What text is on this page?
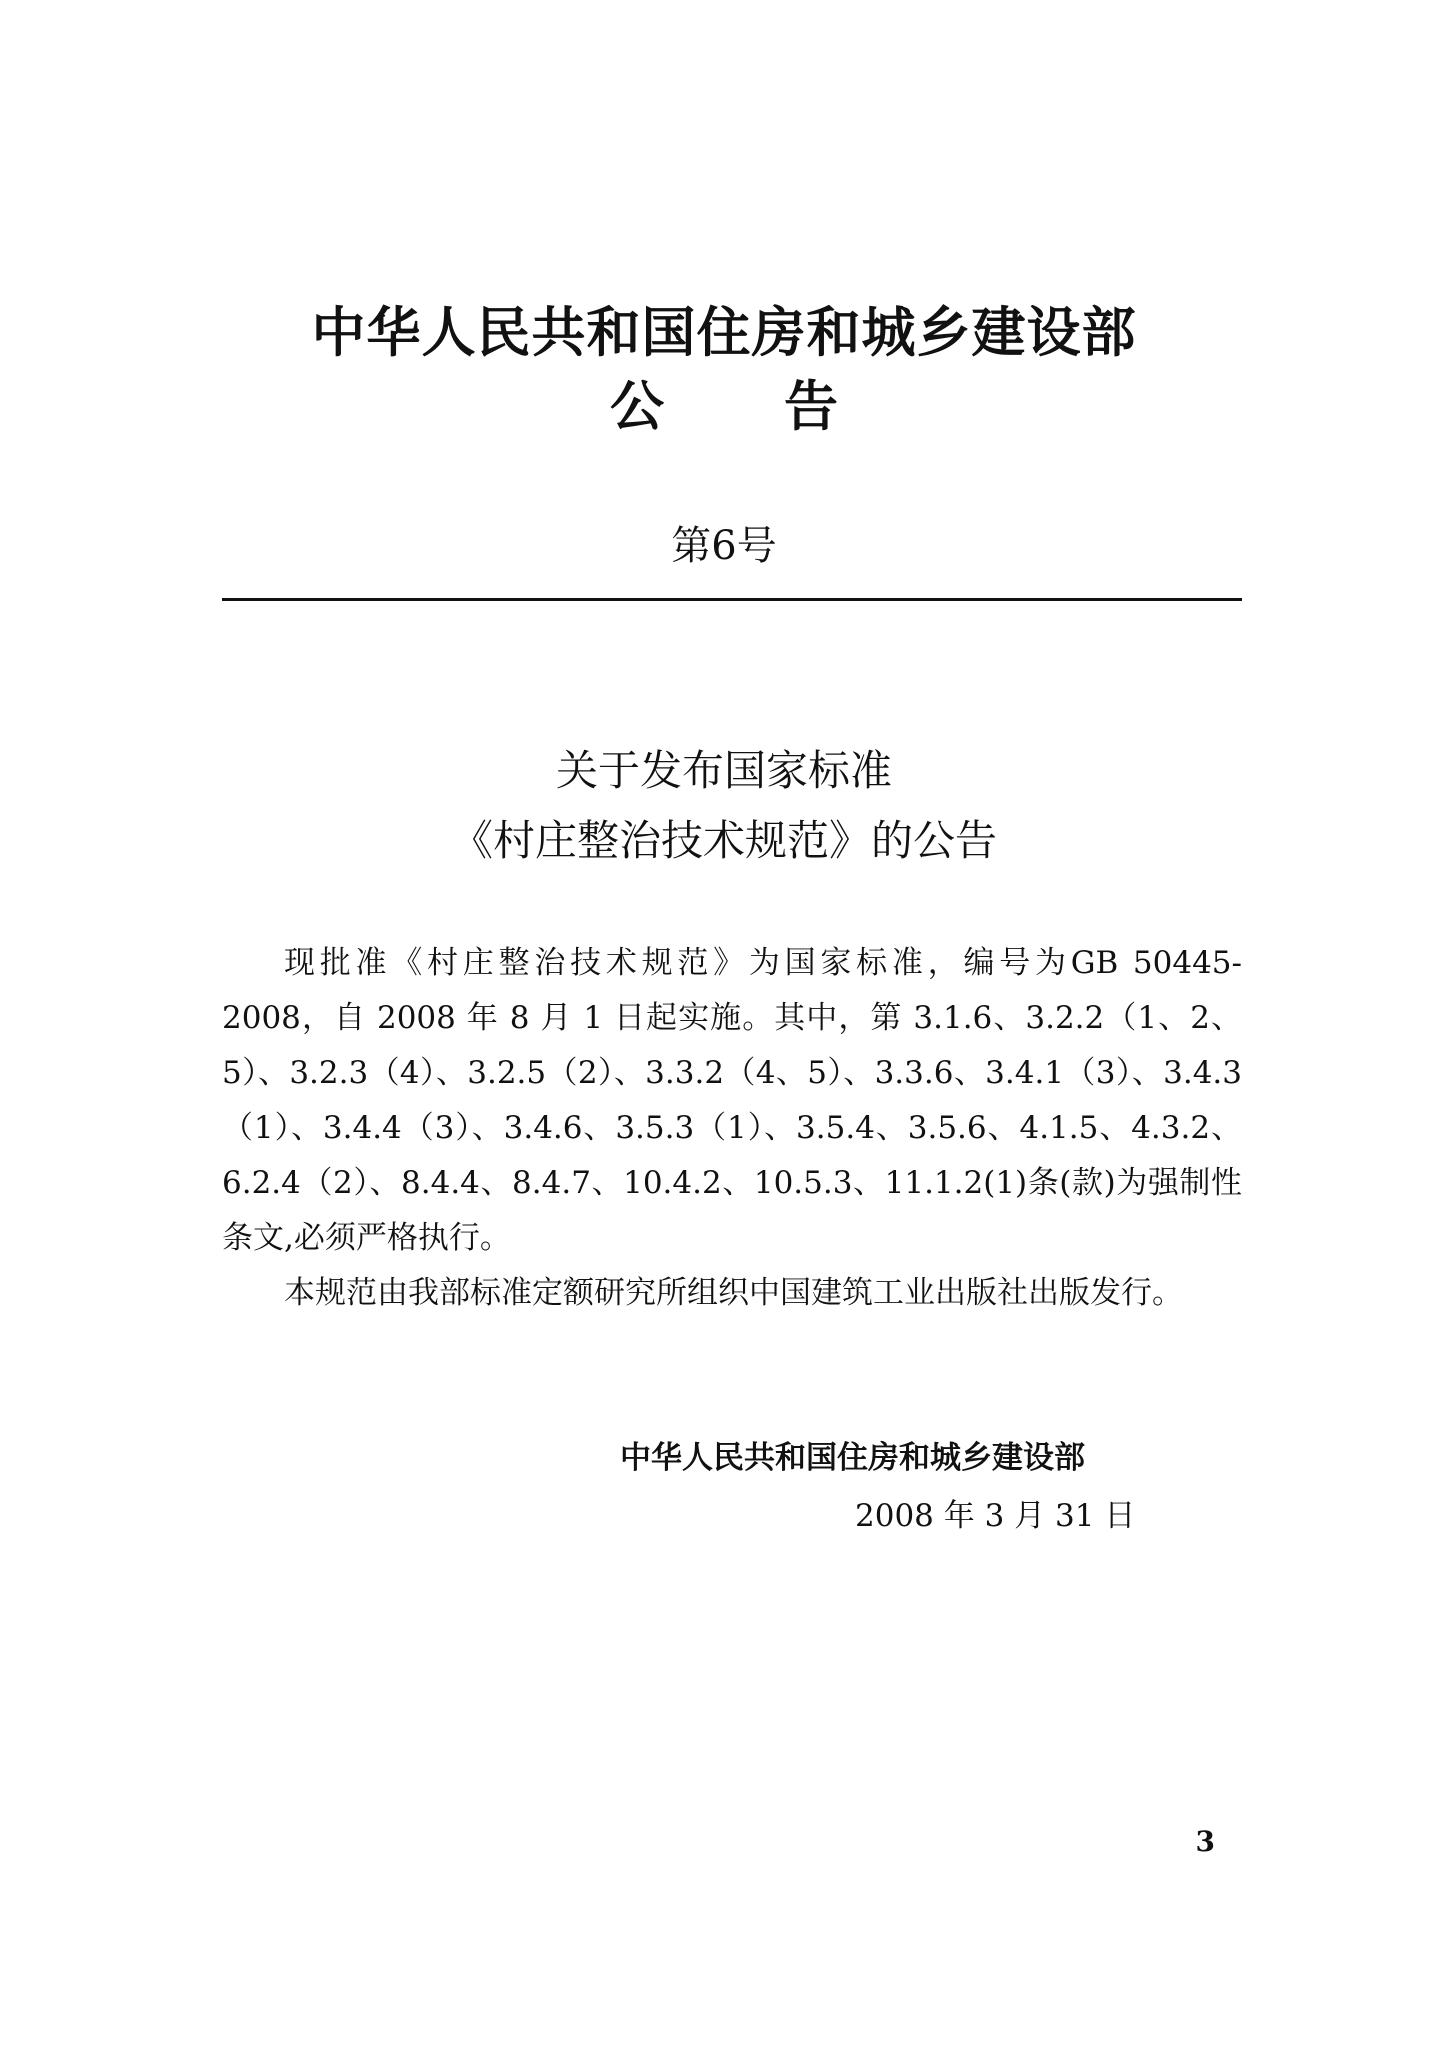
中华人民共和国住房和城乡建设部
公 告
第6号
关于发布国家标准
《村庄整治技术规范》的公告

现批准《村庄整治技术规范》为国家标准，编号为GB 50445-2008，自 2008 年 8 月 1 日起实施。其中，第 3.1.6、3.2.2（1、2、5）、3.2.3（4）、3.2.5（2）、3.3.2（4、5）、3.3.6、3.4.1（3）、3.4.3（1）、3.4.4（3）、3.4.6、3.5.3（1）、3.5.4、3.5.6、4.1.5、4.3.2、6.2.4（2）、8.4.4、8.4.7、10.4.2、10.5.3、11.1.2(1)条(款)为强制性条文,必须严格执行。

本规范由我部标准定额研究所组织中国建筑工业出版社出版发行。

中华人民共和国住房和城乡建设部
2008 年 3 月 31 日
3
